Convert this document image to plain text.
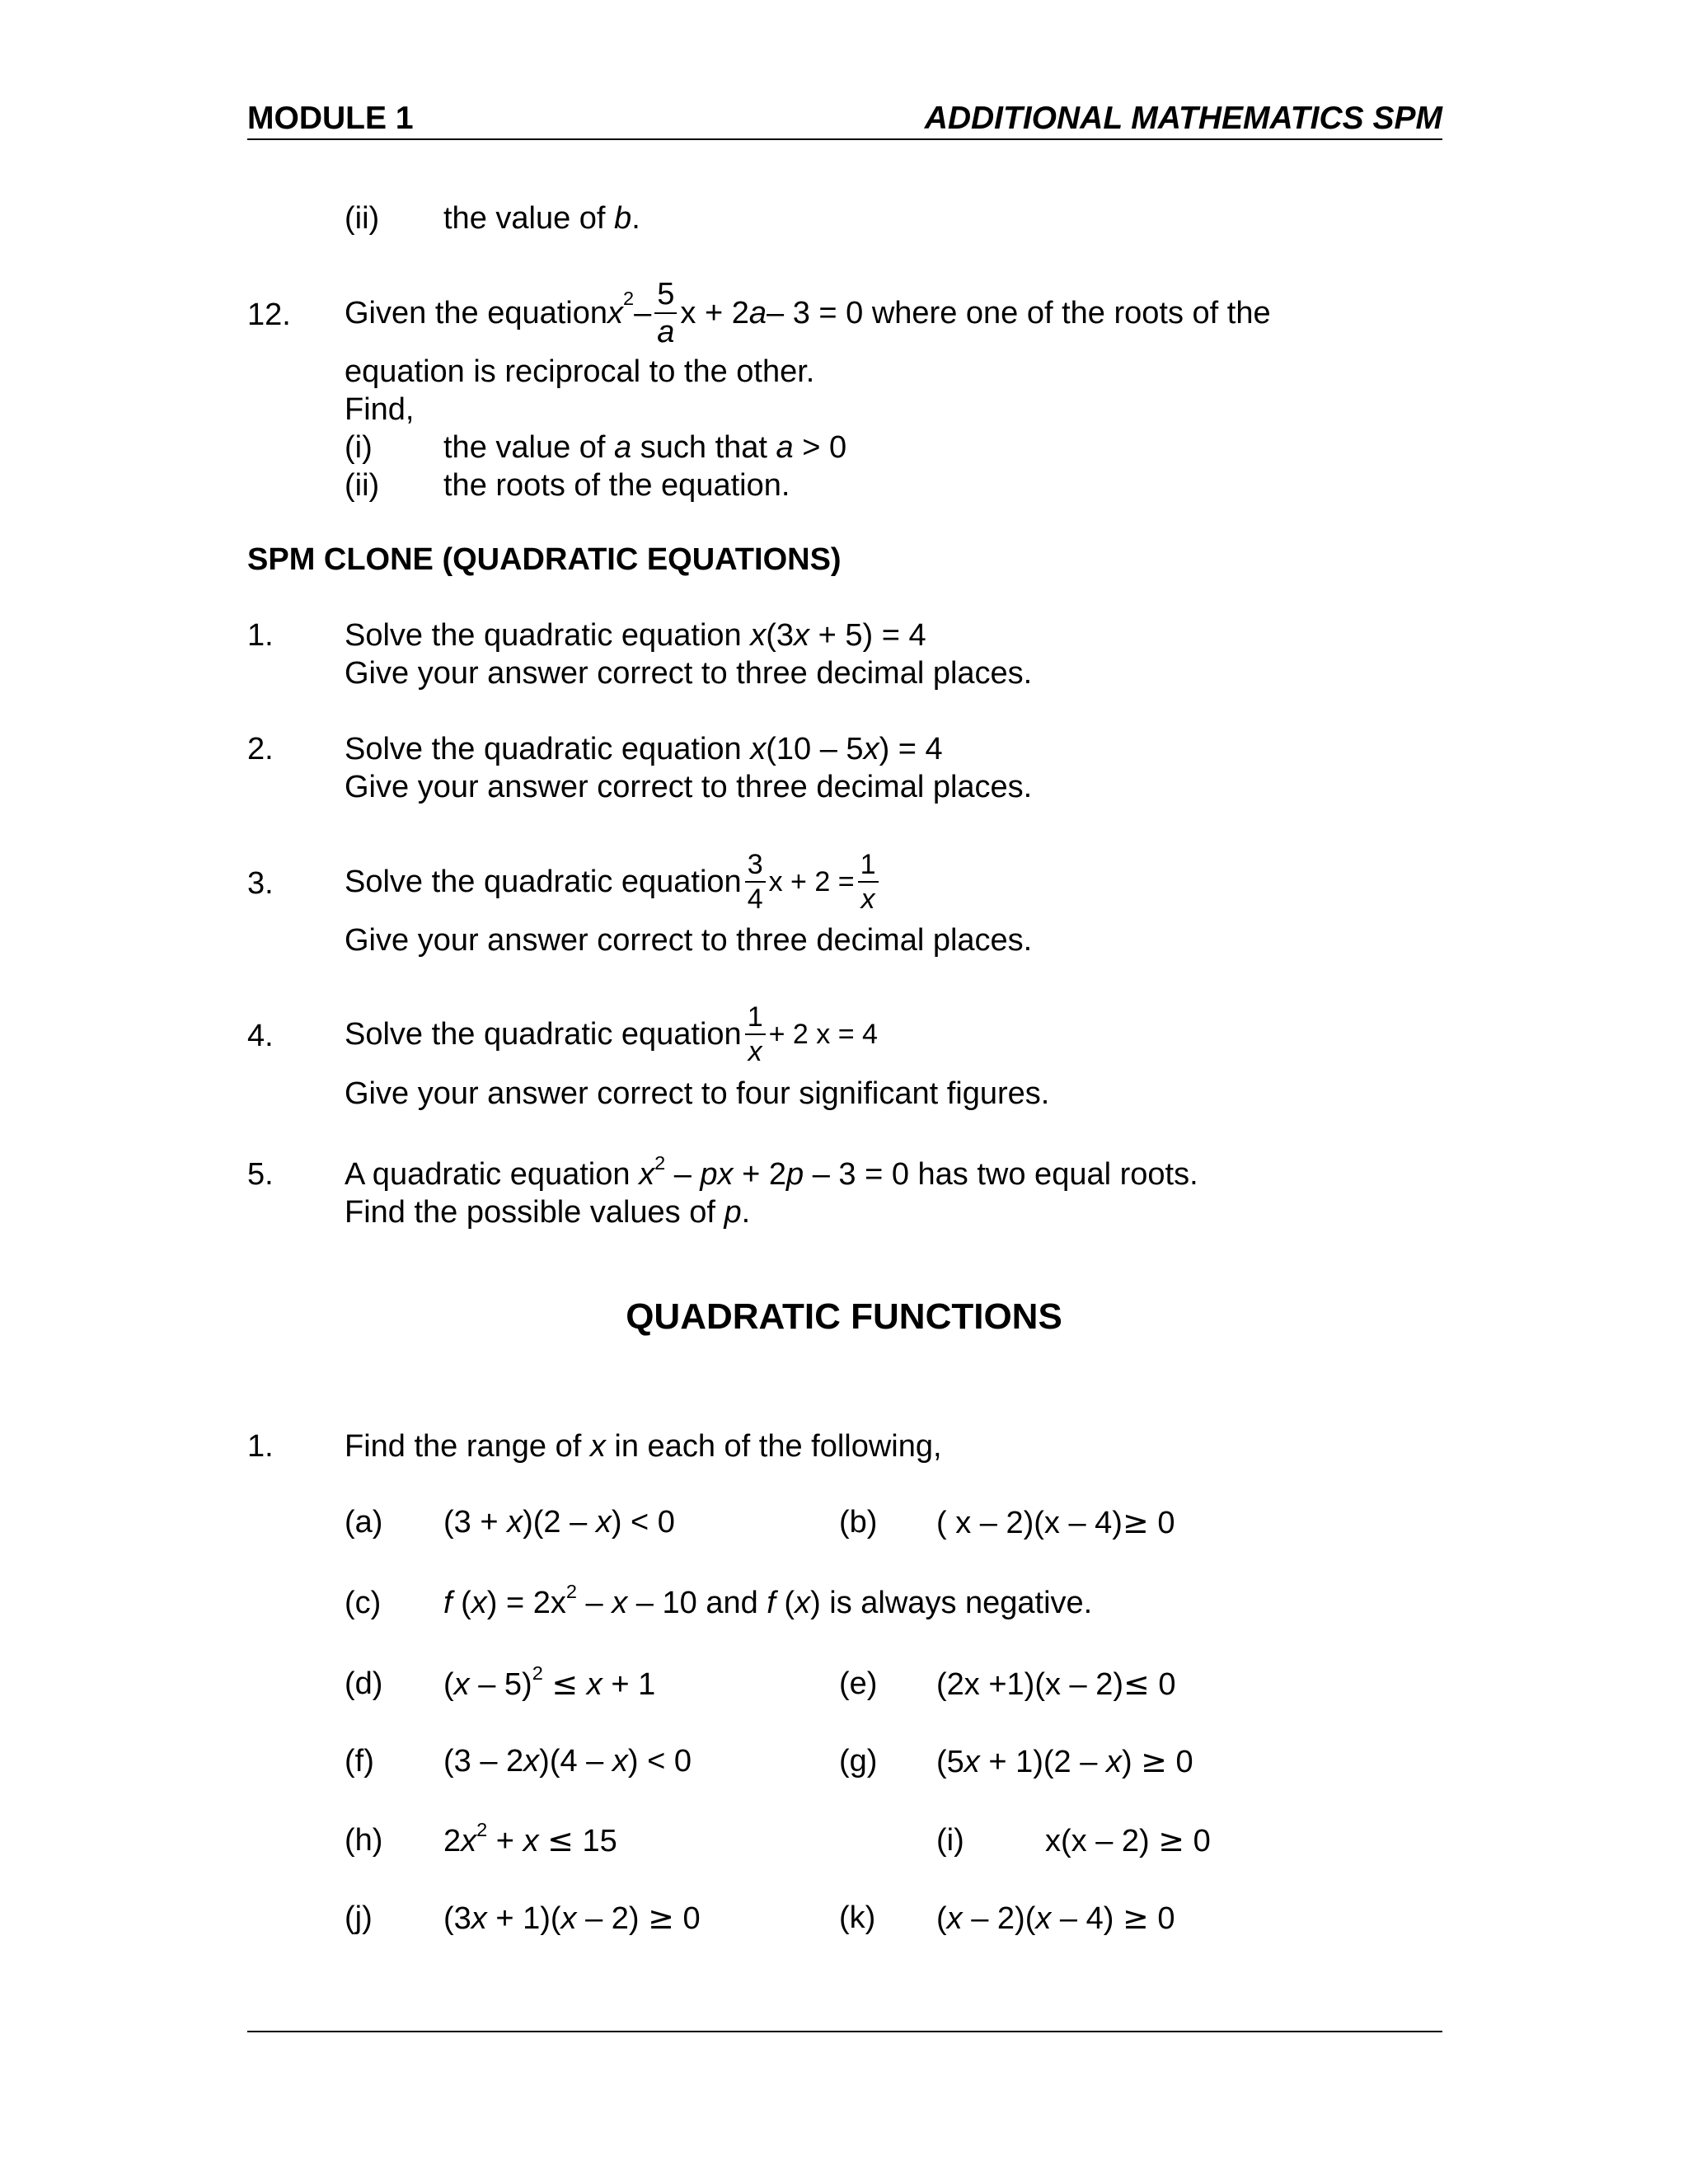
MODULE 1	ADDITIONAL MATHEMATICS SPM
(ii) the value of b.
12. Given the equation $x^2 - \frac{5}{a}$ x + 2 a – 3 = 0 where one of the roots of the
equation is reciprocal to the other.
Find,
(i) the value of a such that a > 0
(ii) the roots of the equation.
SPM CLONE (QUADRATIC EQUATIONS)
1. Solve the quadratic equation x(3x + 5) = 4
Give your answer correct to three decimal places.
2. Solve the quadratic equation x(10 – 5x) = 4
Give your answer correct to three decimal places.
3. Solve the quadratic equation $\frac{3}{4}$ $x + 2 = \frac{1}{x}$
Give your answer correct to three decimal places.
4. Solve the quadratic equation $\frac{1}{x} + 2$ x = 4
Give your answer correct to four significant figures.
5. A quadratic equation $x^2$ – px + 2p – 3 = 0 has two equal roots.
Find the possible values of p.
QUADRATIC FUNCTIONS
1. Find the range of x in each of the following,
(a) (3 + x)(2 – x) < 0	(b) ( x – 2)(x – 4)≥ 0
(c) f $(x) = 2x^2 - x - 10$ and f (x) is always negative.
(d) (x – 5)$^2$ ≤ x + 1	(e) (2x +1)(x – 2)≤ 0
(f) (3 – 2x)(4 – x) < 0	(g) (5x + 1)(2 – x) ≥ 0
(h) $2x^2 + x \le 15$	(i)	x(x – 2) ≥ 0
(j) (3x + 1)(x – 2) ≥ 0	(k) (x – 2)(x – 4) ≥ 0
